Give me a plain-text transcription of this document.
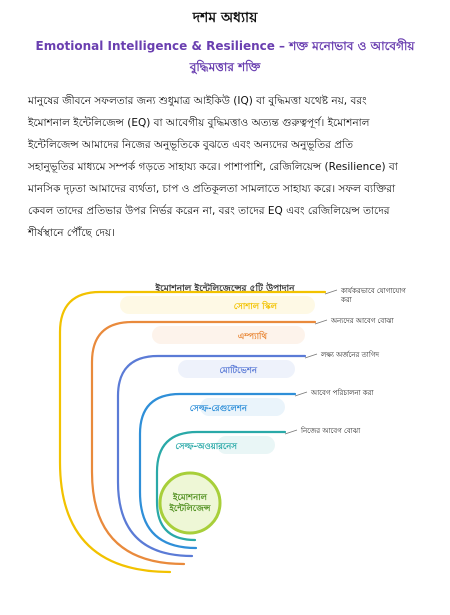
দশম অধ্যায়
Emotional Intelligence & Resilience – শক্ত মনোভাব ও আবেগীয়
বুদ্ধিমত্তার শক্তি
মানুষের জীবনে সফলতার জন্য শুধুমাত্র আইকিউ (IQ) বা বুদ্ধিমত্তা যথেষ্ট নয়, বরং
ইমোশনাল ইন্টেলিজেন্স (EQ) বা আবেগীয় বুদ্ধিমত্তাও অত্যন্ত গুরুত্বপূর্ণ। ইমোশনাল
ইন্টেলিজেন্স আমাদের নিজের অনুভূতিকে বুঝতে এবং অন্যদের অনুভূতির প্রতি
সহানুভূতির মাধ্যমে সম্পর্ক গড়তে সাহায্য করে। পাশাপাশি, রেজিলিয়েন্স (Resilience) বা
মানসিক দৃঢ়তা আমাদের ব্যর্থতা, চাপ ও প্রতিকূলতা সামলাতে সাহায্য করে। সফল ব্যক্তিরা
কেবল তাদের প্রতিভার উপর নির্ভর করেন না, বরং তাদের EQ এবং রেজিলিয়েন্স তাদের
শীর্ষস্থানে পৌঁছে দেয়।
ইমোশনাল ইন্টেলিজেন্সের ৫টি উপাদান
সোশাল স্কিল
কার্যকরভাবে যোগাযোগ
করা
এম্প্যাথি
অন্যদের আবেগ বোঝা
মোটিভেশন
লক্ষ্য অর্জনের তাগিদ
সেল্ফ-রেগুলেশন
আবেগ পরিচালনা করা
সেল্ফ-অওয়ারনেস
নিজের আবেগ বোঝা
ইমোশনাল
ইন্টেলিজেন্স
